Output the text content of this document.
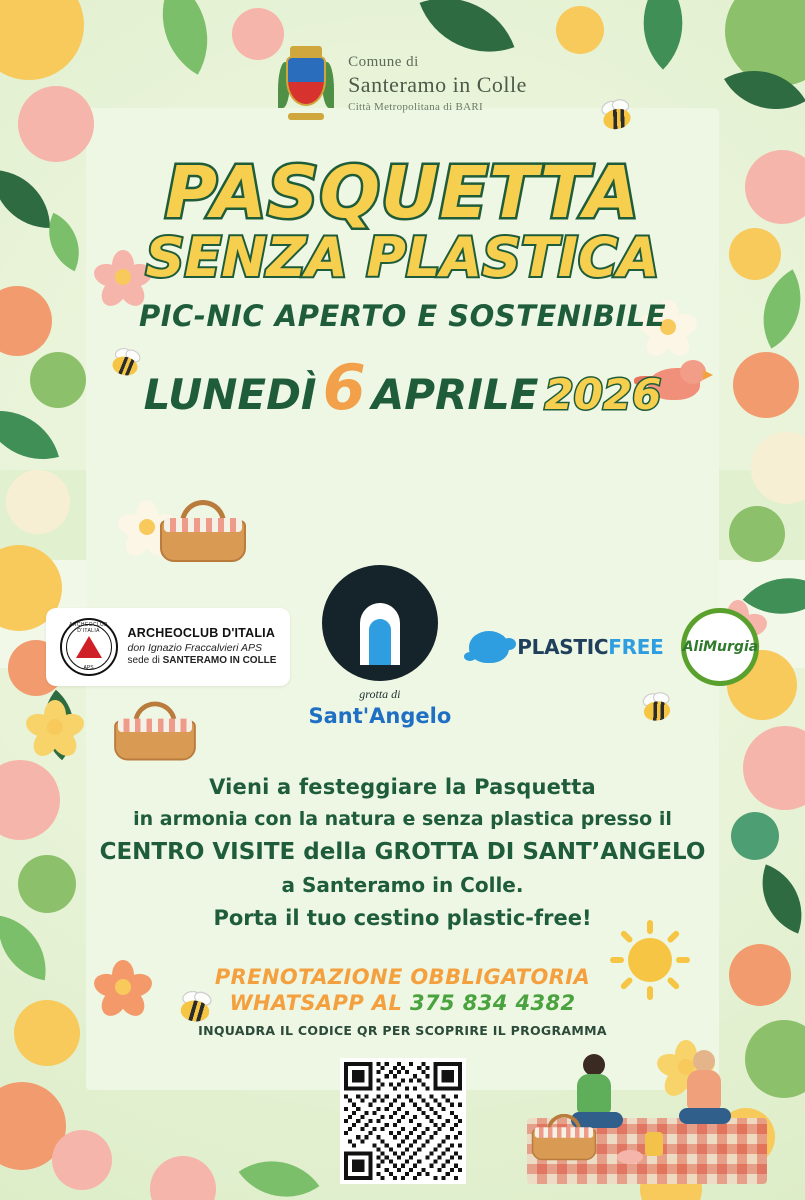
Comune di
Santeramo in Colle
Città Metropolitana di BARI
PASQUETTA
SENZA PLASTICA
PIC-NIC APERTO E SOSTENIBILE
LUNEDÌ 6 APRILE 2026
ARCHEOCLUB D'ITALIA
APS
ARCHEOCLUB D'ITALIA
don Ignazio Fraccalvieri APS
sede di SANTERAMO IN COLLE
grotta di
Sant'Angelo
PLASTICFREE AliMurgia
Vieni a festeggiare la Pasquetta
in armonia con la natura e senza plastica presso il
CENTRO VISITE della GROTTA DI SANT’ANGELO
a Santeramo in Colle.
Porta il tuo cestino plastic-free!
PRENOTAZIONE OBBLIGATORIA
WHATSAPP AL 375 834 4382
INQUADRA IL CODICE QR PER SCOPRIRE IL PROGRAMMA
